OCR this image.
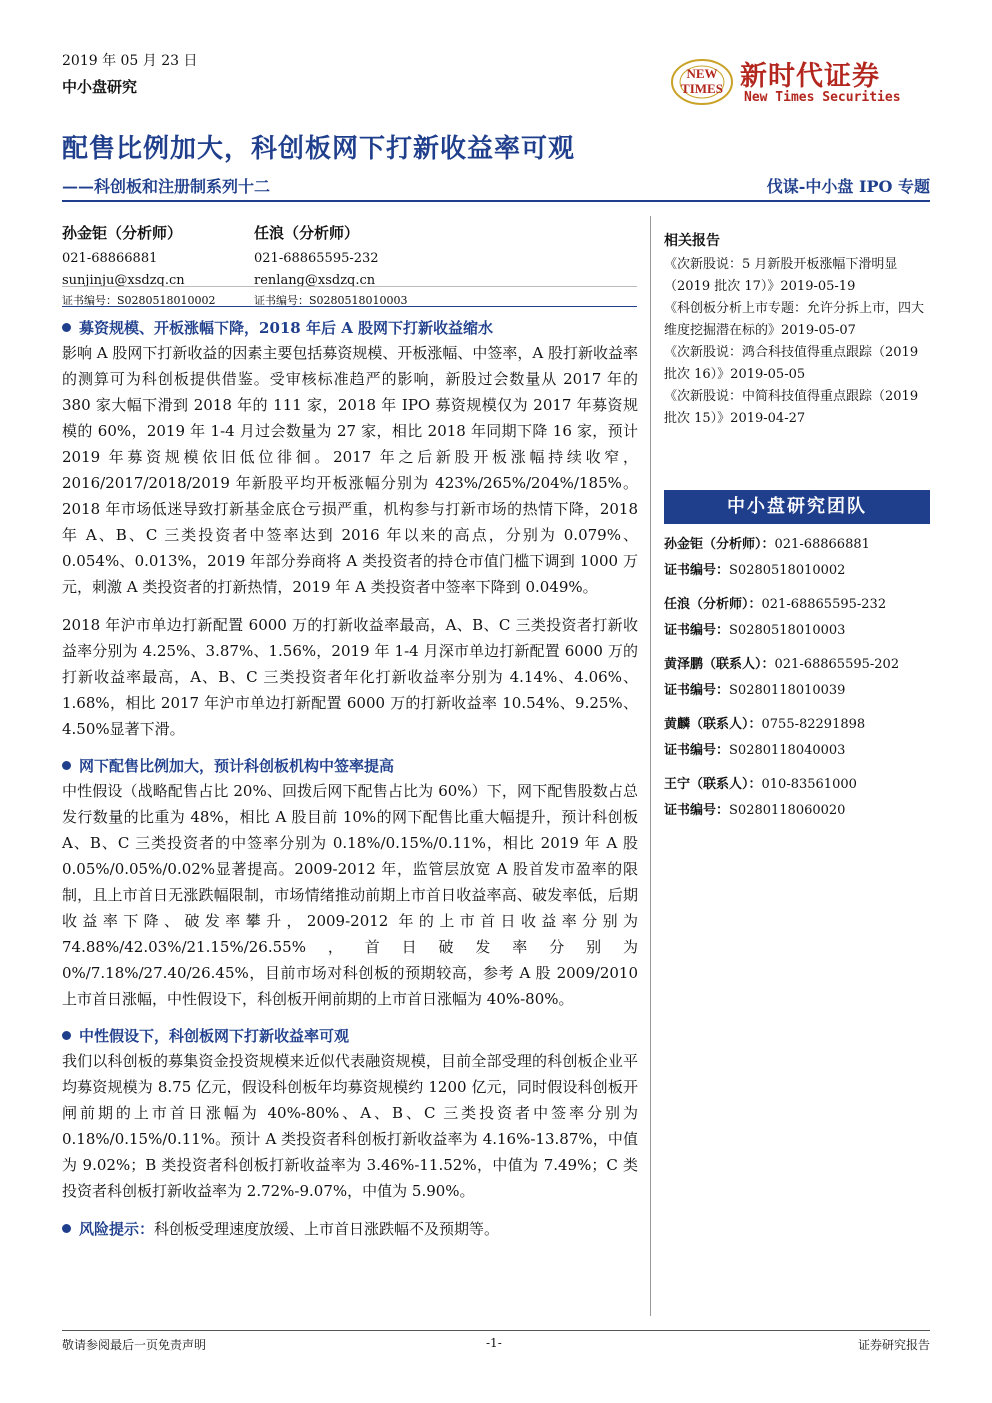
2019 年 05 月 23 日
中小盘研究
NEW
TIMES 新时代证券
New Times Securities
配售比例加大，科创板网下打新收益率可观
——科创板和注册制系列十二	伐谋-中小盘 IPO 专题
孙金钜（分析师）
021-68866881
sunjinju@xsdzq.cn
证书编号：S0280518010002
任浪（分析师）
021-68865595-232
renlang@xsdzq.cn
证书编号：S0280518010003

募资规模、开板涨幅下降，2018 年后 A 股网下打新收益缩水

影响 A 股网下打新收益的因素主要包括募资规模、开板涨幅、中签率，A 股打新收益率的测算可为科创板提供借鉴。受审核标准趋严的影响，新股过会数量从 2017 年的 380 家大幅下滑到 2018 年的 111 家，2018 年 IPO 募资规模仅为 2017 年募资规模的 60%，2019 年 1-4 月过会数量为 27 家，相比 2018 年同期下降 16 家，预计 2019 年募资规模依旧低位徘徊。2017 年之后新股开板涨幅持续收窄，2016/2017/2018/2019 年新股平均开板涨幅分别为 423%/265%/204%/185%。2018 年市场低迷导致打新基金底仓亏损严重，机构参与打新市场的热情下降，2018 年 A、B、C 三类投资者中签率达到 2016 年以来的高点，分别为 0.079%、0.054%、0.013%，2019 年部分券商将 A 类投资者的持仓市值门槛下调到 1000 万元，刺激 A 类投资者的打新热情，2019 年 A 类投资者中签率下降到 0.049%。

2018 年沪市单边打新配置 6000 万的打新收益率最高，A、B、C 三类投资者打新收益率分别为 4.25%、3.87%、1.56%，2019 年 1-4 月深市单边打新配置 6000 万的打新收益率最高，A、B、C 三类投资者年化打新收益率分别为 4.14%、4.06%、1.68%，相比 2017 年沪市单边打新配置 6000 万的打新收益率 10.54%、9.25%、4.50%显著下滑。

网下配售比例加大，预计科创板机构中签率提高

中性假设（战略配售占比 20%、回拨后网下配售占比为 60%）下，网下配售股数占总发行数量的比重为 48%，相比 A 股目前 10%的网下配售比重大幅提升，预计科创板 A、B、C 三类投资者的中签率分别为 0.18%/0.15%/0.11%，相比 2019 年 A 股 0.05%/0.05%/0.02%显著提高。2009-2012 年，监管层放宽 A 股首发市盈率的限制，且上市首日无涨跌幅限制，市场情绪推动前期上市首日收益率高、破发率低，后期收益率下降、破发率攀升，2009-2012 年的上市首日收益率分别为 74.88%/42.03%/21.15%/26.55%，首日破发率分别为 0%/7.18%/27.40/26.45%，目前市场对科创板的预期较高，参考 A 股 2009/2010 上市首日涨幅，中性假设下，科创板开闸前期的上市首日涨幅为 40%-80%。

中性假设下，科创板网下打新收益率可观

我们以科创板的募集资金投资规模来近似代表融资规模，目前全部受理的科创板企业平均募资规模为 8.75 亿元，假设科创板年均募资规模约 1200 亿元，同时假设科创板开闸前期的上市首日涨幅为 40%-80%、A、B、C 三类投资者中签率分别为 0.18%/0.15%/0.11%。预计 A 类投资者科创板打新收益率为 4.16%-13.87%，中值为 9.02%；B 类投资者科创板打新收益率为 3.46%-11.52%，中值为 7.49%；C 类投资者科创板打新收益率为 2.72%-9.07%，中值为 5.90%。

风险提示：科创板受理速度放缓、上市首日涨跌幅不及预期等。

相关报告

《次新股说：5 月新股开板涨幅下滑明显（2019 批次 17）》2019-05-19

《科创板分析上市专题：允许分拆上市，四大维度挖掘潜在标的》2019-05-07

《次新股说：鸿合科技值得重点跟踪（2019 批次 16）》2019-05-05

《次新股说：中简科技值得重点跟踪（2019 批次 15）》2019-04-27

中小盘研究团队
孙金钜（分析师）：021-68866881
证书编号：S0280518010002
任浪（分析师）：021-68865595-232
证书编号：S0280518010003
黄泽鹏（联系人）：021-68865595-202
证书编号：S0280118010039
黄麟（联系人）：0755-82291898
证书编号：S0280118040003
王宁（联系人）：010-83561000
证书编号：S0280118060020
敬请参阅最后一页免责声明	-1-	证券研究报告
